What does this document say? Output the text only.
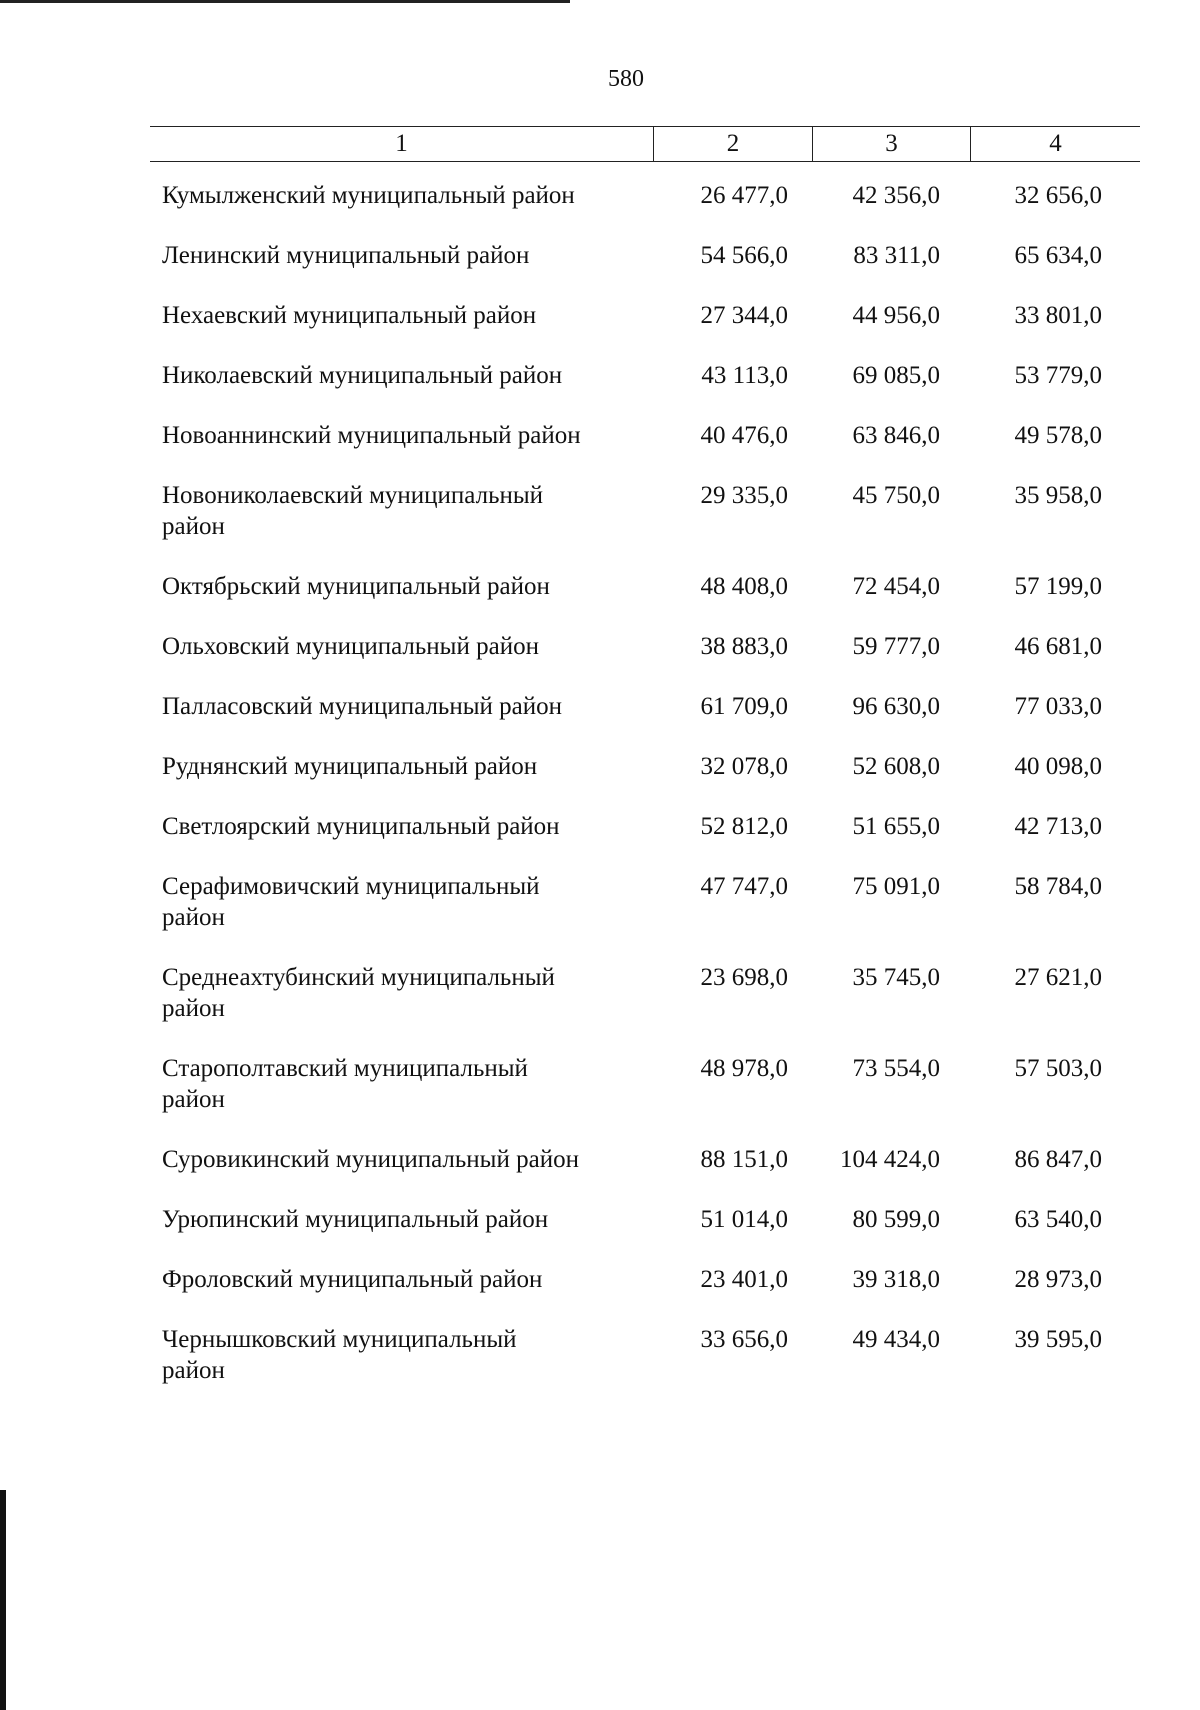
580
1	2	3	4
Кумылженский муниципальный район	26 477,0	42 356,0	32 656,0
Ленинский муниципальный район	54 566,0	83 311,0	65 634,0
Нехаевский муниципальный район	27 344,0	44 956,0	33 801,0
Николаевский муниципальный район	43 113,0	69 085,0	53 779,0
Новоаннинский муниципальный район	40 476,0	63 846,0	49 578,0
Новониколаевский муниципальный
район
29 335,0	45 750,0	35 958,0
Октябрьский муниципальный район	48 408,0	72 454,0	57 199,0
Ольховский муниципальный район	38 883,0	59 777,0	46 681,0
Палласовский муниципальный район	61 709,0	96 630,0	77 033,0
Руднянский муниципальный район	32 078,0	52 608,0	40 098,0
Светлоярский муниципальный район	52 812,0	51 655,0	42 713,0
Серафимовичский муниципальный
район
47 747,0	75 091,0	58 784,0
Среднеахтубинский муниципальный
район
23 698,0	35 745,0	27 621,0
Старополтавский муниципальный
район
48 978,0	73 554,0	57 503,0
Суровикинский муниципальный район	88 151,0	104 424,0	86 847,0
Урюпинский муниципальный район	51 014,0	80 599,0	63 540,0
Фроловский муниципальный район	23 401,0	39 318,0	28 973,0
Чернышковский муниципальный
район
33 656,0	49 434,0	39 595,0
